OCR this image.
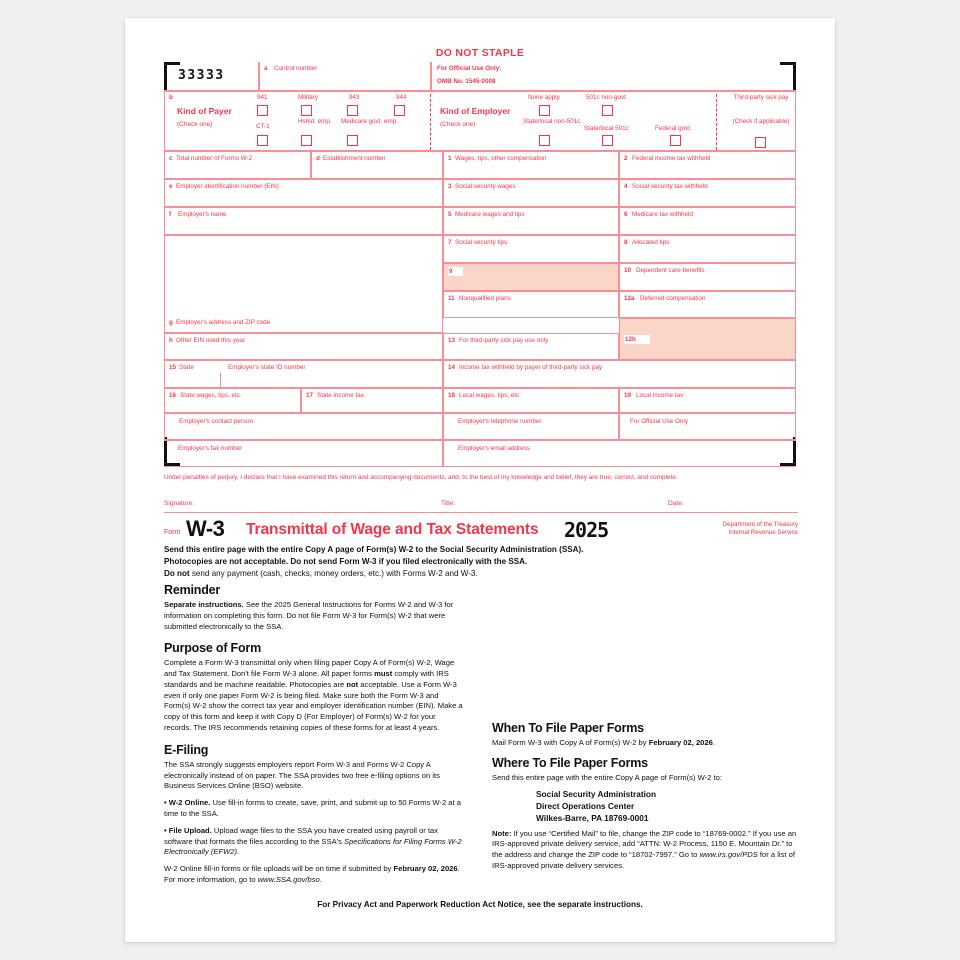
DO NOT STAPLE
33333	a Control number	For Official Use Only:
OMB No. 1545-0008
b
Kind of Payer
(Check one)
941	Military	943	944
CT-1
Hshld. emp. Medicare govt. emp.
Kind of Employer
(Check one)
None apply	501c non-govt.
State/local non-501c
State/local 501c	Federal govt.
Third-party sick pay
(Check if applicable)
c Total number of Forms W-2	d Establishment number	1 Wages, tips, other compensation	2 Federal income tax withheld
e Employer identification number (EIN)	3 Social security wages	4 Social security tax withheld
f Employer's name	5 Medicare wages and tips	6 Medicare tax withheld
7 Social security tips	8 Allocated tips
9	10 Dependent care benefits
11 Nonqualified plans	12a Deferred compensation
g Employer's address and ZIP code
h Other EIN used this year	13 For third-party sick pay use only	12b
15 State	Employer's state ID number	14 Income tax withheld by payer of third-party sick pay
16 State wages, tips, etc.	17 State income tax	18 Local wages, tips, etc.	19 Local income tax
Employer's contact person	Employer's telephone number	For Official Use Only
Employer's fax number	Employer's email address
Under penalties of perjury, I declare that I have examined this return and accompanying documents, and, to the best of my knowledge and belief, they are true, correct, and complete.
Signature:	Title:	Date:
Form W-3 Transmittal of Wage and Tax Statements 2025	Department of the Treasury
Internal Revenue Service
Send this entire page with the entire Copy A page of Form(s) W-2 to the Social Security Administration (SSA).
Photocopies are not acceptable. Do not send Form W-3 if you filed electronically with the SSA.
Do not send any payment (cash, checks, money orders, etc.) with Forms W-2 and W-3.
Reminder

Separate instructions. See the 2025 General Instructions for Forms W-2 and W-3 for information on completing this form. Do not file Form W-3 for Form(s) W-2 that were submitted electronically to the SSA.

Purpose of Form

Complete a Form W-3 transmittal only when filing paper Copy A of Form(s) W-2, Wage and Tax Statement. Don't file Form W-3 alone. All paper forms must comply with IRS standards and be machine readable. Photocopies are not acceptable. Use a Form W-3 even if only one paper Form W-2 is being filed. Make sure both the Form W-3 and Form(s) W-2 show the correct tax year and employer identification number (EIN). Make a copy of this form and keep it with Copy D (For Employer) of Form(s) W-2 for your records. The IRS recommends retaining copies of these forms for at least 4 years.

E-Filing

The SSA strongly suggests employers report Form W-3 and Forms W-2 Copy A electronically instead of on paper. The SSA provides two free e-filing options on its Business Services Online (BSO) website.

• W-2 Online. Use fill-in forms to create, save, print, and submit up to 50 Forms W-2 at a time to the SSA.

• File Upload. Upload wage files to the SSA you have created using payroll or tax software that formats the files according to the SSA's Specifications for Filing Forms W-2 Electronically (EFW2).

W-2 Online fill-in forms or file uploads will be on time if submitted by February 02, 2026. For more information, go to www.SSA.gov/bso.

When To File Paper Forms

Mail Form W-3 with Copy A of Form(s) W-2 by February 02, 2026.

Where To File Paper Forms

Send this entire page with the entire Copy A page of Form(s) W-2 to:

Social Security Administration
Direct Operations Center
Wilkes-Barre, PA 18769-0001

Note: If you use “Certified Mail” to file, change the ZIP code to “18769-0002.” If you use an IRS-approved private delivery service, add “ATTN: W-2 Process, 1150 E. Mountain Dr.” to the address and change the ZIP code to “18702-7997.” Go to www.irs.gov/PDS for a list of IRS-approved private delivery services.

For Privacy Act and Paperwork Reduction Act Notice, see the separate instructions.
